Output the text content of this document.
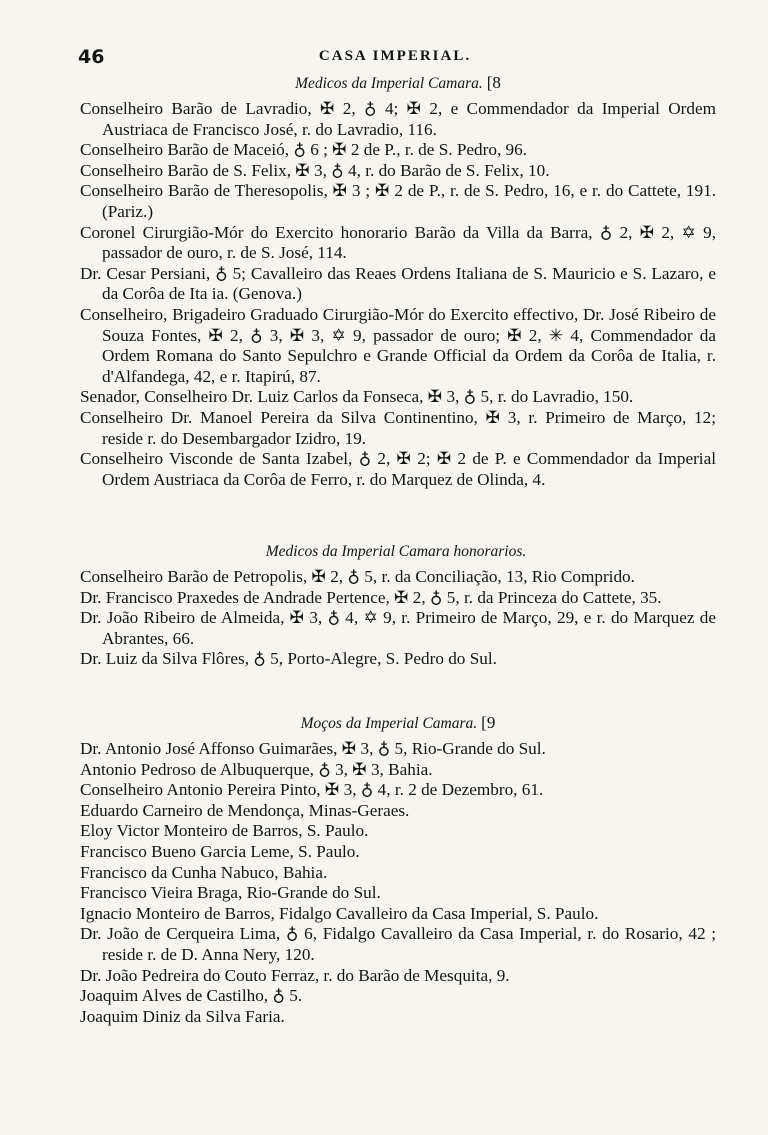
46	CASA IMPERIAL.
Medicos da Imperial Camara. [8

Conselheiro Barão de Lavradio, ✠ 2, ♁ 4; ✠ 2, e Commendador da Imperial Ordem Austriaca de Francisco José, r. do Lavradio, 116.

Conselheiro Barão de Maceió, ♁ 6 ; ✠ 2 de P., r. de S. Pedro, 96.

Conselheiro Barão de S. Felix, ✠ 3, ♁ 4, r. do Barão de S. Felix, 10.

Conselheiro Barão de Theresopolis, ✠ 3 ; ✠ 2 de P., r. de S. Pedro, 16, e r. do Cattete, 191. (Pariz.)

Coronel Cirurgião-Mór do Exercito honorario Barão da Villa da Barra, ♁ 2, ✠ 2, ✡ 9, passador de ouro, r. de S. José, 114.

Dr. Cesar Persiani, ♁ 5; Cavalleiro das Reaes Ordens Italiana de S. Mauricio e S. Lazaro, e da Corôa de Ita ia. (Genova.)

Conselheiro, Brigadeiro Graduado Cirurgião-Mór do Exercito effectivo, Dr. José Ribeiro de Souza Fontes, ✠ 2, ♁ 3, ✠ 3, ✡ 9, passador de ouro; ✠ 2, ✳ 4, Commendador da Ordem Romana do Santo Sepulchro e Grande Official da Ordem da Corôa de Italia, r. d'Alfandega, 42, e r. Itapirú, 87.

Senador, Conselheiro Dr. Luiz Carlos da Fonseca, ✠ 3, ♁ 5, r. do Lavradio, 150.

Conselheiro Dr. Manoel Pereira da Silva Continentino, ✠ 3, r. Primeiro de Março, 12; reside r. do Desembargador Izidro, 19.

Conselheiro Visconde de Santa Izabel, ♁ 2, ✠ 2; ✠ 2 de P. e Commendador da Imperial Ordem Austriaca da Corôa de Ferro, r. do Marquez de Olinda, 4.

Medicos da Imperial Camara honorarios.

Conselheiro Barão de Petropolis, ✠ 2, ♁ 5, r. da Conciliação, 13, Rio Comprido.

Dr. Francisco Praxedes de Andrade Pertence, ✠ 2, ♁ 5, r. da Princeza do Cattete, 35.

Dr. João Ribeiro de Almeida, ✠ 3, ♁ 4, ✡ 9, r. Primeiro de Março, 29, e r. do Marquez de Abrantes, 66.

Dr. Luiz da Silva Flôres, ♁ 5, Porto-Alegre, S. Pedro do Sul.

Moços da Imperial Camara. [9

Dr. Antonio José Affonso Guimarães, ✠ 3, ♁ 5, Rio-Grande do Sul.

Antonio Pedroso de Albuquerque, ♁ 3, ✠ 3, Bahia.

Conselheiro Antonio Pereira Pinto, ✠ 3, ♁ 4, r. 2 de Dezembro, 61.

Eduardo Carneiro de Mendonça, Minas-Geraes.

Eloy Victor Monteiro de Barros, S. Paulo.

Francisco Bueno Garcia Leme, S. Paulo.

Francisco da Cunha Nabuco, Bahia.

Francisco Vieira Braga, Rio-Grande do Sul.

Ignacio Monteiro de Barros, Fidalgo Cavalleiro da Casa Imperial, S. Paulo.

Dr. João de Cerqueira Lima, ♁ 6, Fidalgo Cavalleiro da Casa Imperial, r. do Rosario, 42 ; reside r. de D. Anna Nery, 120.

Dr. João Pedreira do Couto Ferraz, r. do Barão de Mesquita, 9.

Joaquim Alves de Castilho, ♁ 5.

Joaquim Diniz da Silva Faria.
